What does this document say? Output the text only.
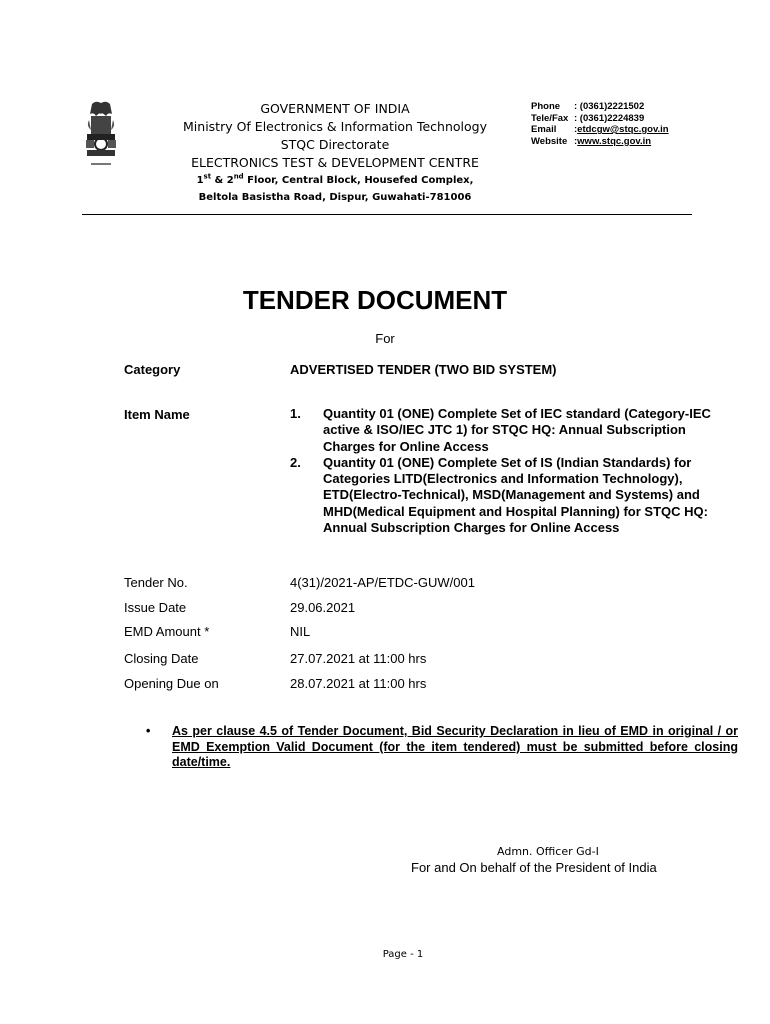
GOVERNMENT OF INDIA
Ministry Of Electronics & Information Technology
STQC Directorate
ELECTRONICS TEST & DEVELOPMENT CENTRE
1st & 2nd Floor, Central Block, Housefed Complex,
Beltola Basistha Road, Dispur, Guwahati-781006
Phone	: (0361)2221502
Tele/Fax : (0361)2224839
Email	: etdcgw@stqc.gov.in
Website : www.stqc.gov.in
TENDER DOCUMENT
For
Category	ADVERTISED TENDER (TWO BID SYSTEM)
Item Name	1.	Quantity 01 (ONE) Complete Set of IEC standard (Category-IEC active & ISO/IEC JTC 1) for STQC HQ: Annual Subscription Charges for Online Access
2.	Quantity 01 (ONE) Complete Set of IS (Indian Standards) for Categories LITD(Electronics and Information Technology), ETD(Electro-Technical), MSD(Management and Systems) and MHD(Medical Equipment and Hospital Planning) for STQC HQ: Annual Subscription Charges for Online Access
Tender No.	4(31)/2021-AP/ETDC-GUW/001
Issue Date	29.06.2021
EMD Amount *	NIL
Closing Date	27.07.2021 at 11:00 hrs
Opening Due on	28.07.2021 at 11:00 hrs
•	As per clause 4.5 of Tender Document, Bid Security Declaration in lieu of EMD in original / or EMD Exemption Valid Document (for the item tendered) must be submitted before closing date/time.
Admn. Officer Gd-I
For and On behalf of the President of India
Page - 1
